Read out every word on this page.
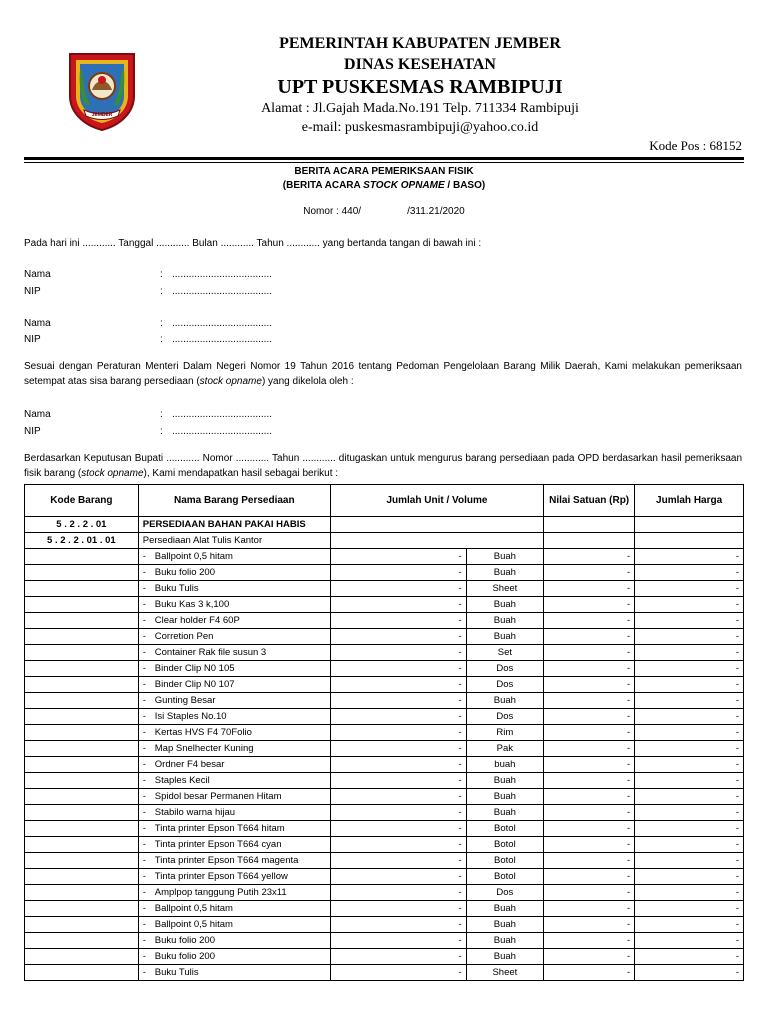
JEMBER
PEMERINTAH KABUPATEN JEMBER
DINAS KESEHATAN
UPT PUSKESMAS RAMBIPUJI
Alamat : Jl.Gajah Mada.No.191 Telp. 711334 Rambipuji
e-mail: puskesmasrambipuji@yahoo.co.id
Kode Pos : 68152
BERITA ACARA PEMERIKSAAN FISIK
(BERITA ACARA STOCK OPNAME / BASO)
Nomor : 440/	/311.21/2020
Pada hari ini ............ Tanggal ............ Bulan ............ Tahun ............ yang bertanda tangan di bawah ini :
Nama	: ....................................
NIP	: ....................................
Nama	: ....................................
NIP	: ....................................
Sesuai dengan Peraturan Menteri Dalam Negeri Nomor 19 Tahun 2016 tentang Pedoman Pengelolaan Barang Milik Daerah, Kami melakukan pemeriksaan setempat atas sisa barang persediaan (stock opname) yang dikelola oleh :
Nama	: ....................................
NIP	: ....................................
Berdasarkan Keputusan Bupati ............ Nomor ............ Tahun ............ ditugaskan untuk mengurus barang persediaan pada OPD berdasarkan hasil pemeriksaan fisik barang (stock opname), Kami mendapatkan hasil sebagai berikut :
Kode Barang	Nama Barang Persediaan	Jumlah Unit / Volume		Nilai Satuan (Rp)	Jumlah Harga
5 . 2 . 2 . 01	PERSEDIAAN BAHAN PAKAI HABIS				
5 . 2 . 2 . 01 . 01	Persediaan Alat Tulis Kantor				
	- Ballpoint 0,5 hitam	-	Buah	-	-
	- Buku folio 200	-	Buah	-	-
	- Buku Tulis	-	Sheet	-	-
	- Buku Kas 3 k,100	-	Buah	-	-
	- Clear holder F4 60P	-	Buah	-	-
	- Corretion Pen	-	Buah	-	-
	- Container Rak file susun 3	-	Set	-	-
	- Binder Clip N0 105	-	Dos	-	-
	- Binder Clip N0 107	-	Dos	-	-
	- Gunting Besar	-	Buah	-	-
	- Isi Staples No.10	-	Dos	-	-
	- Kertas HVS F4 70Folio	-	Rim	-	-
	- Map Snelhecter Kuning	-	Pak	-	-
	- Ordner F4 besar	-	buah	-	-
	- Staples Kecil	-	Buah	-	-
	- Spidol besar Permanen Hitam	-	Buah	-	-
	- Stabilo warna hijau	-	Buah	-	-
	- Tinta printer Epson T664 hitam	-	Botol	-	-
	- Tinta printer Epson T664 cyan	-	Botol	-	-
	- Tinta printer Epson T664 magenta	-	Botol	-	-
	- Tinta printer Epson T664 yellow	-	Botol	-	-
	- Amplpop tanggung Putih 23x11	-	Dos	-	-
	- Ballpoint 0,5 hitam	-	Buah	-	-
	- Ballpoint 0,5 hitam	-	Buah	-	-
	- Buku folio 200	-	Buah	-	-
	- Buku folio 200	-	Buah	-	-
	- Buku Tulis	-	Sheet	-	-
